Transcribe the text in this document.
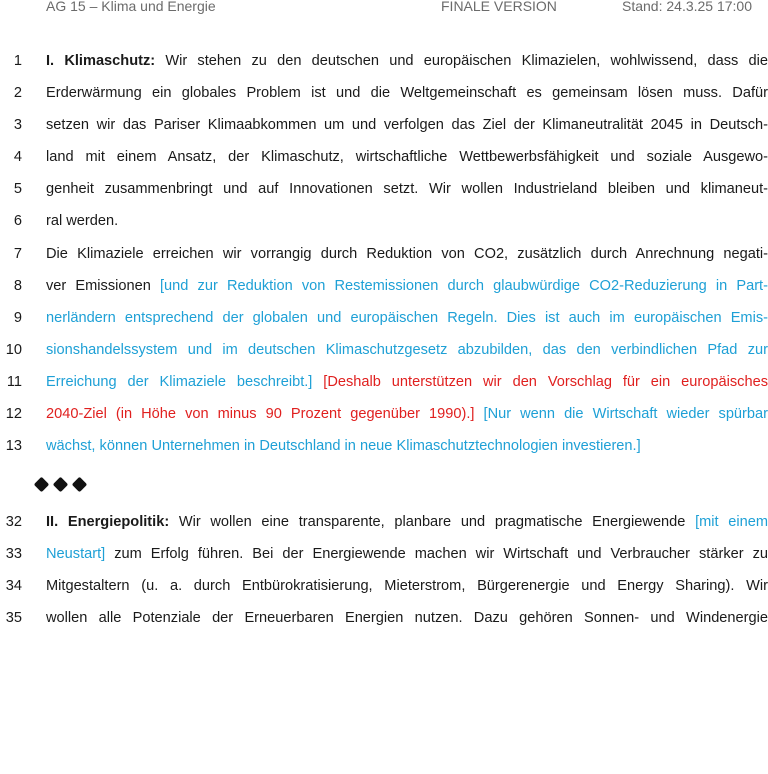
AG 15 – Klima und Energie	FINALE VERSION	Stand: 24.3.25 17:00
1 I. Klimaschutz: Wir stehen zu den deutschen und europäischen Klimazielen, wohlwissend, dass die
2 Erderwärmung ein globales Problem ist und die Weltgemeinschaft es gemeinsam lösen muss. Dafür
3 setzen wir das Pariser Klimaabkommen um und verfolgen das Ziel der Klimaneutralität 2045 in Deutsch-
4 land mit einem Ansatz, der Klimaschutz, wirtschaftliche Wettbewerbsfähigkeit und soziale Ausgewo-
5 genheit zusammenbringt und auf Innovationen setzt. Wir wollen Industrieland bleiben und klimaneut-
6 ral werden.
7 Die Klimaziele erreichen wir vorrangig durch Reduktion von CO2, zusätzlich durch Anrechnung negati-
8 ver Emissionen [und zur Reduktion von Restemissionen durch glaubwürdige CO2-Reduzierung in Part-
9 nerländern entsprechend der globalen und europäischen Regeln. Dies ist auch im europäischen Emis-
10 sionshandelssystem und im deutschen Klimaschutzgesetz abzubilden, das den verbindlichen Pfad zur
11 Erreichung der Klimaziele beschreibt.] [Deshalb unterstützen wir den Vorschlag für ein europäisches
12 2040-Ziel (in Höhe von minus 90 Prozent gegenüber 1990).] [Nur wenn die Wirtschaft wieder spürbar
13 wächst, können Unternehmen in Deutschland in neue Klimaschutztechnologien investieren.]
32 II. Energiepolitik: Wir wollen eine transparente, planbare und pragmatische Energiewende [mit einem
33 Neustart] zum Erfolg führen. Bei der Energiewende machen wir Wirtschaft und Verbraucher stärker zu
34 Mitgestaltern (u. a. durch Entbürokratisierung, Mieterstrom, Bürgerenergie und Energy Sharing). Wir
35 wollen alle Potenziale der Erneuerbaren Energien nutzen. Dazu gehören Sonnen- und Windenergie
